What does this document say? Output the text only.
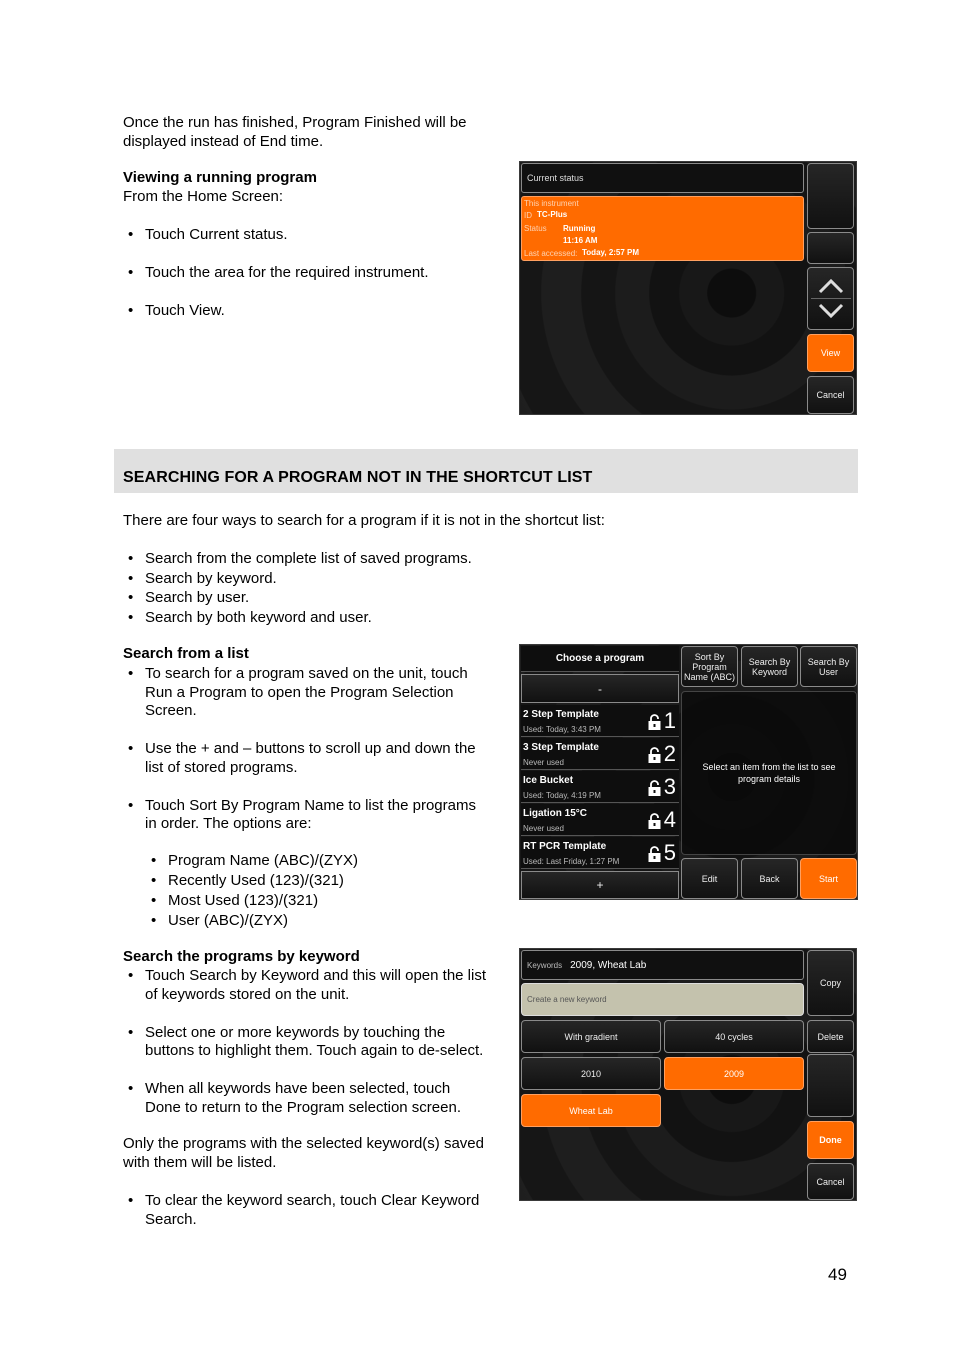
Once the run has finished, Program Finished will be
displayed instead of End time.
Viewing a running program
From the Home Screen:
• Touch Current status.
• Touch the area for the required instrument.
• Touch View.
Current status
This instrument
ID TC-Plus
Status Running
11:16 AM
Last accessed: Today, 2:57 PM
View
Cancel
SEARCHING FOR A PROGRAM NOT IN THE SHORTCUT LIST
There are four ways to search for a program if it is not in the shortcut list:
• Search from the complete list of saved programs.
• Search by keyword.
• Search by user.
• Search by both keyword and user.
Search from a list
• To search for a program saved on the unit, touch
Run a Program to open the Program Selection
Screen.
• Use the + and – buttons to scroll up and down the
list of stored programs.
• Touch Sort By Program Name to list the programs
in order. The options are:
• Program Name (ABC)/(ZYX)
• Recently Used (123)/(321)
• Most Used (123)/(321)
• User (ABC)/(ZYX)
Choose a program
-
2 Step Template
Used: Today, 3:43 PM	1
3 Step Template
Never used	2
Ice Bucket
Used: Today, 4:19 PM	3
Ligation 15°C
Never used	4
RT PCR Template
Used: Last Friday, 1:27 PM 5
+
Sort By
Program
Name (ABC)
Search By
Keyword
Search By
User
Select an item from the list to see
program details
Edit	Back	Start
Search the programs by keyword
• Touch Search by Keyword and this will open the list
of keywords stored on the unit.
• Select one or more keywords by touching the
buttons to highlight them. Touch again to de-select.
• When all keywords have been selected, touch
Done to return to the Program selection screen.
Only the programs with the selected keyword(s) saved
with them will be listed.
• To clear the keyword search, touch Clear Keyword
Search.
Keywords 2009, Wheat Lab
Create a new keyword
With gradient	40 cycles
2010	2009
Wheat Lab
Copy
Delete
Done
Cancel
49
